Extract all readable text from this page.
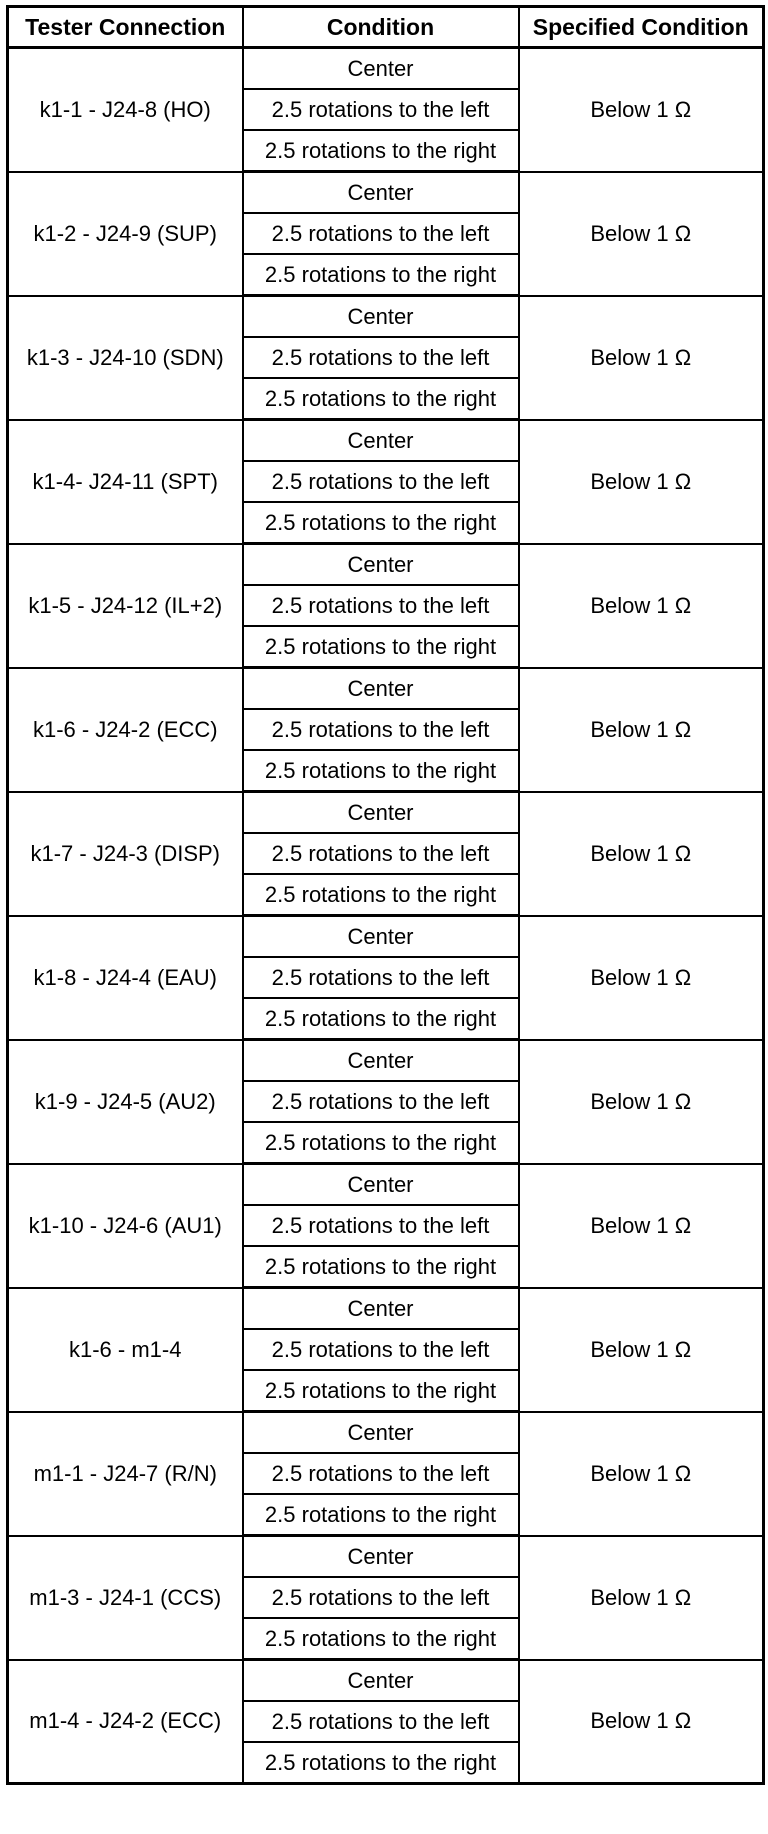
Tester Connection	Condition	Specified Condition
k1-1 - J24-8 (HO)	Center	Below 1 Ω
	2.5 rotations to the left	
	2.5 rotations to the right	
k1-2 - J24-9 (SUP)	Center	Below 1 Ω
	2.5 rotations to the left	
	2.5 rotations to the right	
k1-3 - J24-10 (SDN)	Center	Below 1 Ω
	2.5 rotations to the left	
	2.5 rotations to the right	
k1-4- J24-11 (SPT)	Center	Below 1 Ω
	2.5 rotations to the left	
	2.5 rotations to the right	
k1-5 - J24-12 (IL+2)	Center	Below 1 Ω
	2.5 rotations to the left	
	2.5 rotations to the right	
k1-6 - J24-2 (ECC)	Center	Below 1 Ω
	2.5 rotations to the left	
	2.5 rotations to the right	
k1-7 - J24-3 (DISP)	Center	Below 1 Ω
	2.5 rotations to the left	
	2.5 rotations to the right	
k1-8 - J24-4 (EAU)	Center	Below 1 Ω
	2.5 rotations to the left	
	2.5 rotations to the right	
k1-9 - J24-5 (AU2)	Center	Below 1 Ω
	2.5 rotations to the left	
	2.5 rotations to the right	
k1-10 - J24-6 (AU1)	Center	Below 1 Ω
	2.5 rotations to the left	
	2.5 rotations to the right	
k1-6 - m1-4	Center	Below 1 Ω
	2.5 rotations to the left	
	2.5 rotations to the right	
m1-1 - J24-7 (R/N)	Center	Below 1 Ω
	2.5 rotations to the left	
	2.5 rotations to the right	
m1-3 - J24-1 (CCS)	Center	Below 1 Ω
	2.5 rotations to the left	
	2.5 rotations to the right	
m1-4 - J24-2 (ECC)	Center	Below 1 Ω
	2.5 rotations to the left	
	2.5 rotations to the right	
